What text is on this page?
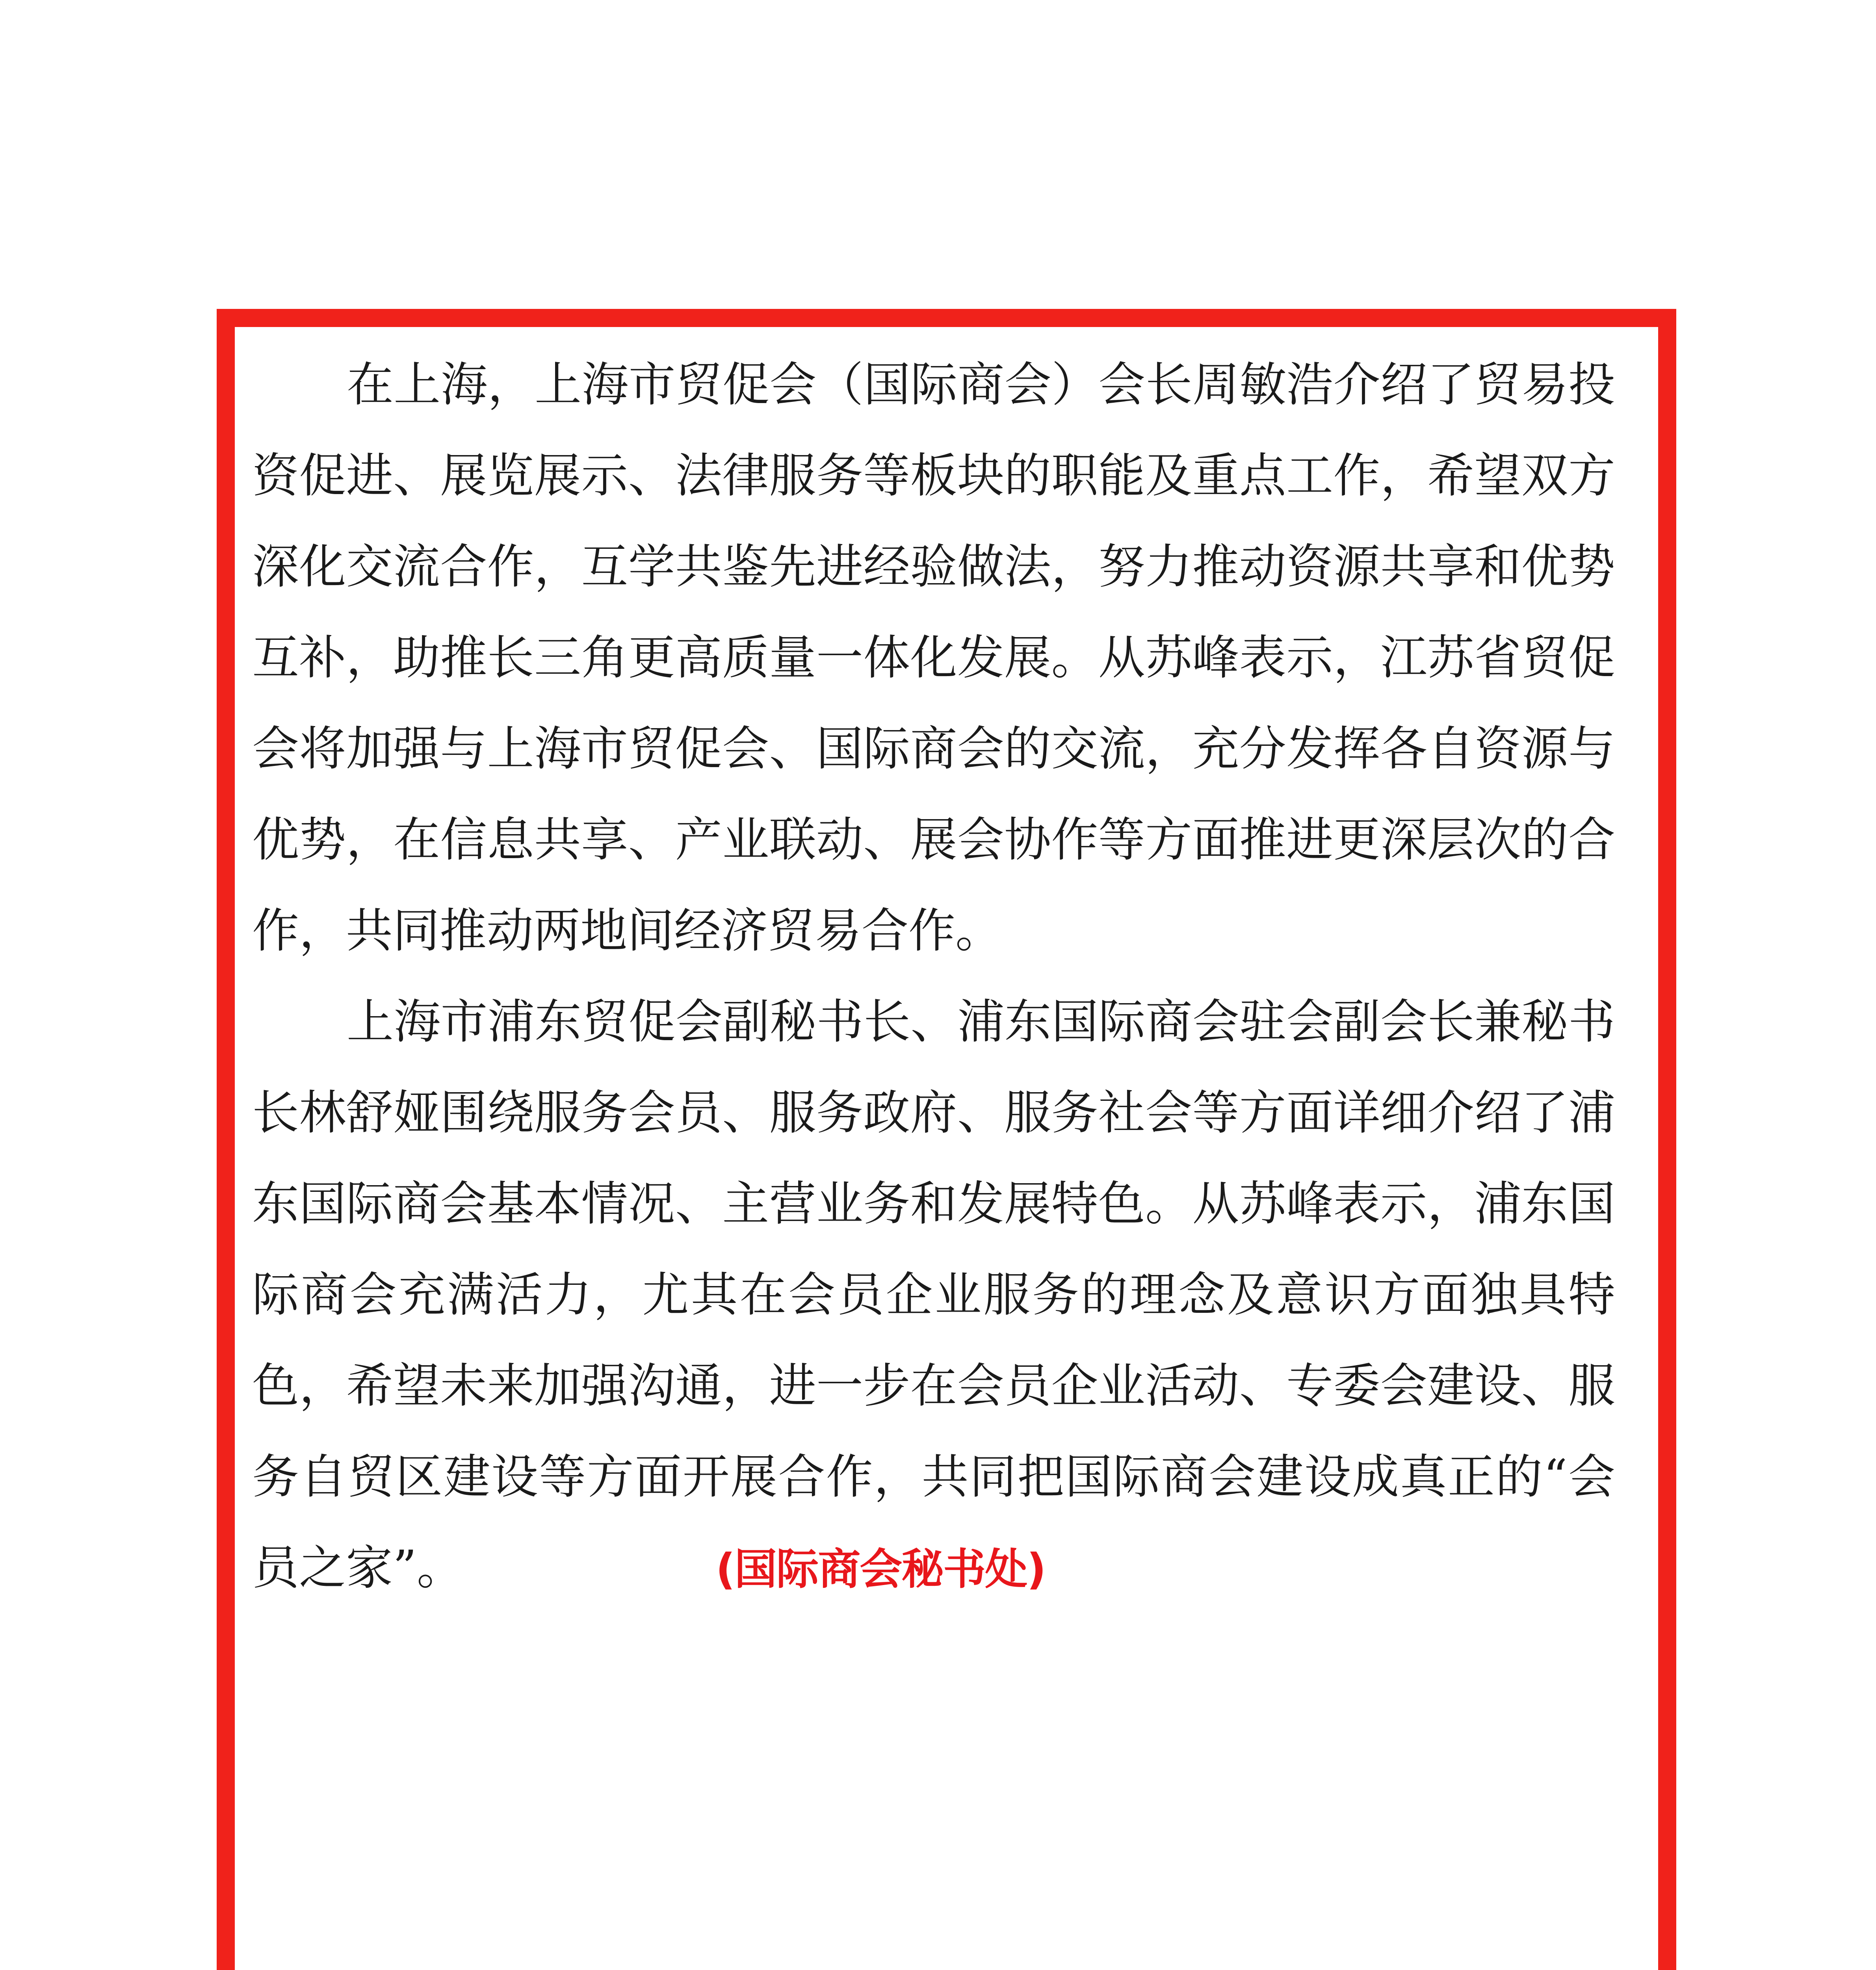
在上海，上海市贸促会（国际商会）会长周敏浩介绍了贸易投资促进、展览展示、法律服务等板块的职能及重点工作，希望双方深化交流合作，互学共鉴先进经验做法，努力推动资源共享和优势互补，助推长三角更高质量一体化发展。从苏峰表示，江苏省贸促会将加强与上海市贸促会、国际商会的交流，充分发挥各自资源与优势，在信息共享、产业联动、展会协作等方面推进更深层次的合作，共同推动两地间经济贸易合作。

上海市浦东贸促会副秘书长、浦东国际商会驻会副会长兼秘书长林舒娅围绕服务会员、服务政府、服务社会等方面详细介绍了浦东国际商会基本情况、主营业务和发展特色。从苏峰表示，浦东国际商会充满活力，尤其在会员企业服务的理念及意识方面独具特色，希望未来加强沟通，进一步在会员企业活动、专委会建设、服务自贸区建设等方面开展合作，共同把国际商会建设成真正的“会员之家”。	(国际商会秘书处)
